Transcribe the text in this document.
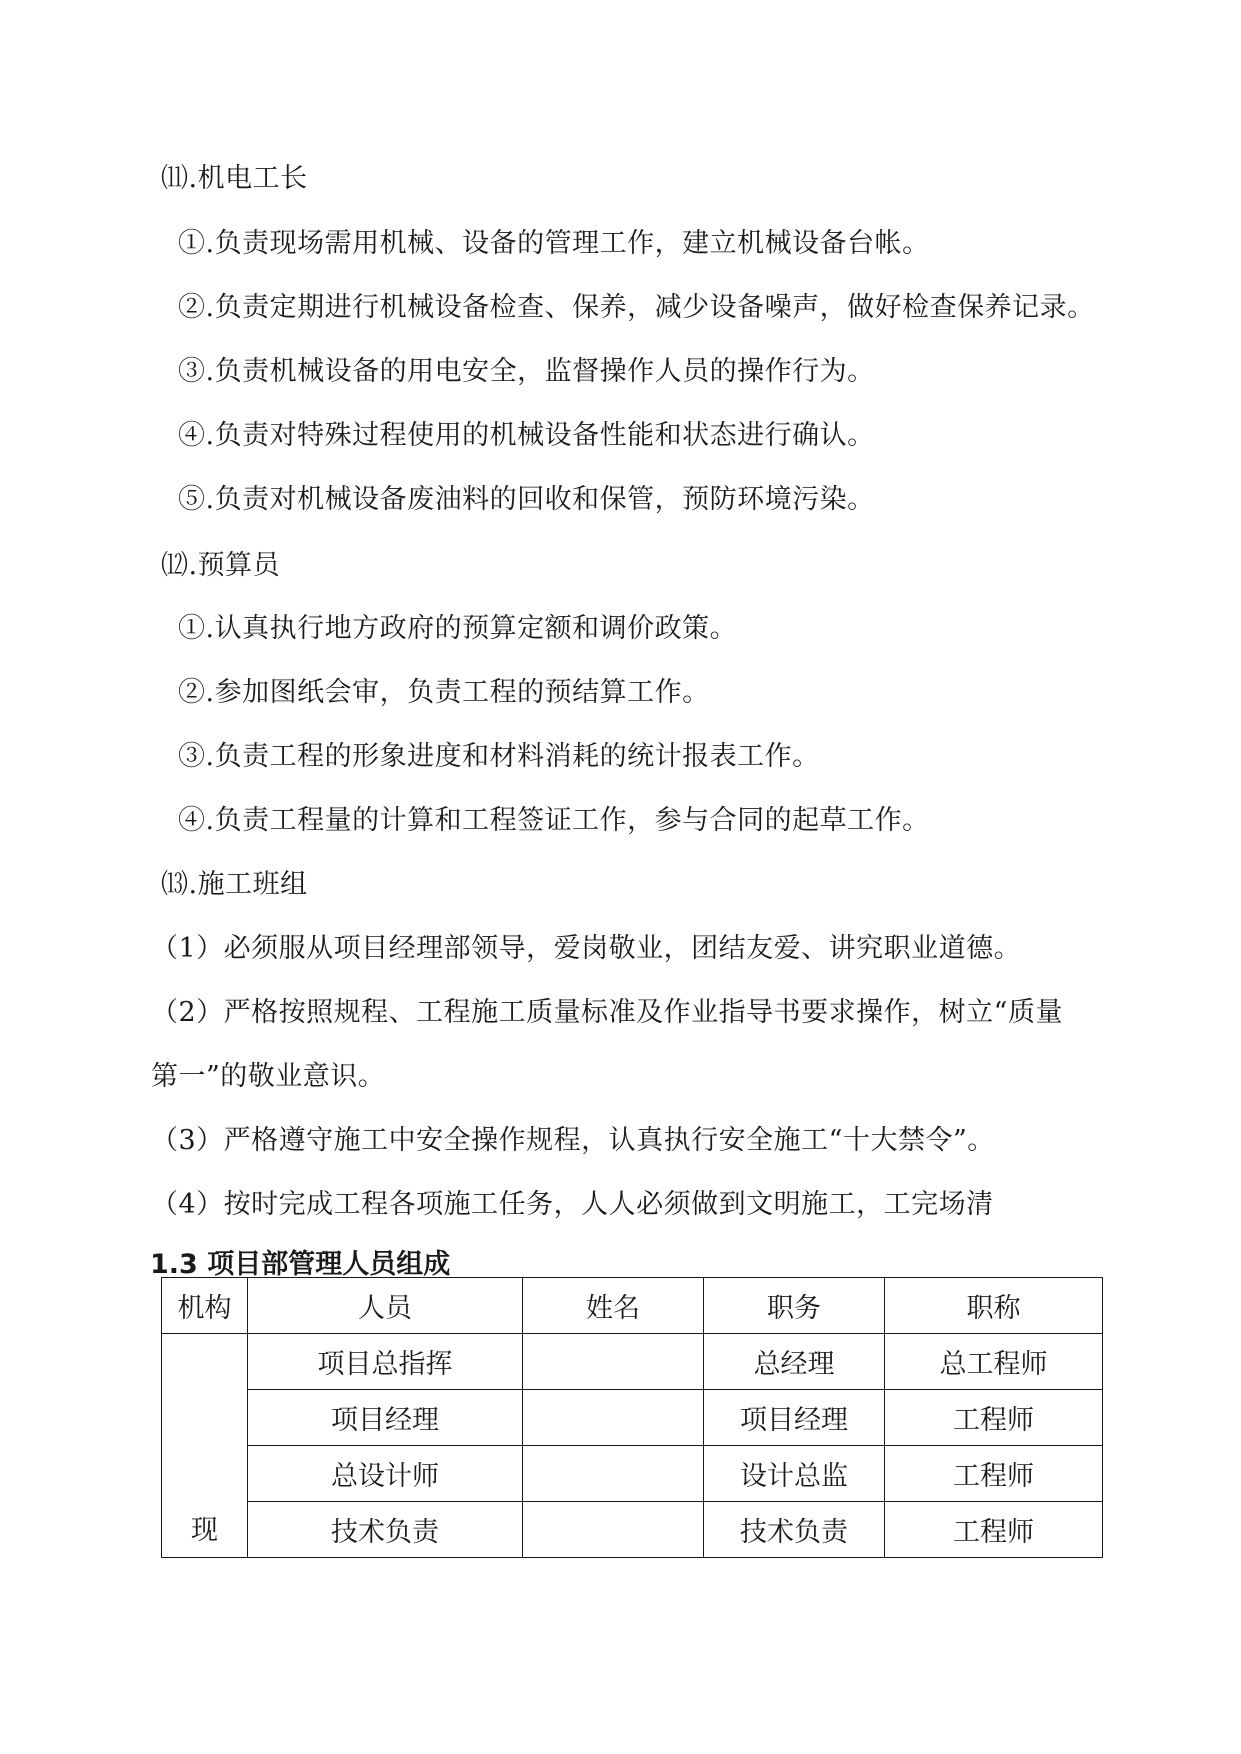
⑾.机电工长
①.负责现场需用机械、设备的管理工作，建立机械设备台帐。
②.负责定期进行机械设备检查、保养，减少设备噪声，做好检查保养记录。
③.负责机械设备的用电安全，监督操作人员的操作行为。
④.负责对特殊过程使用的机械设备性能和状态进行确认。
⑤.负责对机械设备废油料的回收和保管，预防环境污染。
⑿.预算员
①.认真执行地方政府的预算定额和调价政策。
②.参加图纸会审，负责工程的预结算工作。
③.负责工程的形象进度和材料消耗的统计报表工作。
④.负责工程量的计算和工程签证工作，参与合同的起草工作。
⒀.施工班组
（1）必须服从项目经理部领导，爱岗敬业，团结友爱、讲究职业道德。
（2）严格按照规程、工程施工质量标准及作业指导书要求操作，树立“质量
第一”的敬业意识。
（3）严格遵守施工中安全操作规程，认真执行安全施工“十大禁令”。
（4）按时完成工程各项施工任务，人人必须做到文明施工，工完场清
1.3 项目部管理人员组成
机构	人员	姓名	职务	职称
现	项目总指挥		总经理	总工程师
	项目经理		项目经理	工程师
	总设计师		设计总监	工程师
	技术负责		技术负责	工程师
